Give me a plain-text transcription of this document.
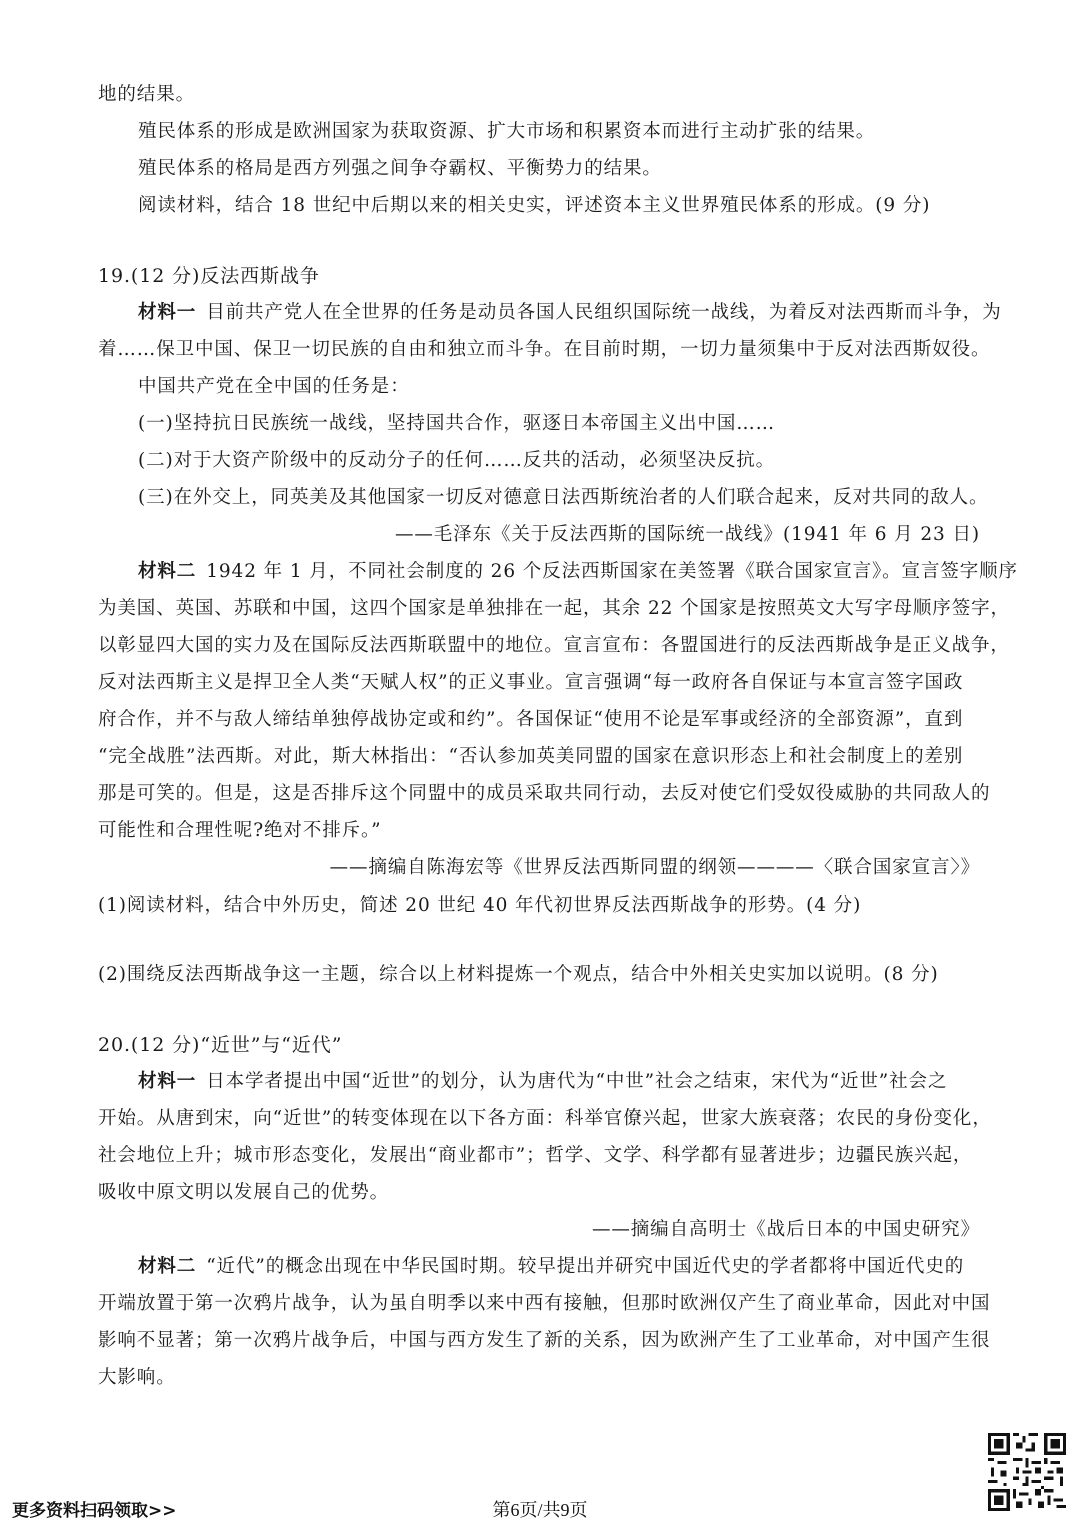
地的结果。
殖民体系的形成是欧洲国家为获取资源、扩大市场和积累资本而进行主动扩张的结果。
殖民体系的格局是西方列强之间争夺霸权、平衡势力的结果。
阅读材料，结合 18 世纪中后期以来的相关史实，评述资本主义世界殖民体系的形成。(9 分)
19.(12 分)反法西斯战争
材料一 目前共产党人在全世界的任务是动员各国人民组织国际统一战线，为着反对法西斯而斗争，为
着……保卫中国、保卫一切民族的自由和独立而斗争。在目前时期，一切力量须集中于反对法西斯奴役。
中国共产党在全中国的任务是：
(一)坚持抗日民族统一战线，坚持国共合作，驱逐日本帝国主义出中国……
(二)对于大资产阶级中的反动分子的任何……反共的活动，必须坚决反抗。
(三)在外交上，同英美及其他国家一切反对德意日法西斯统治者的人们联合起来，反对共同的敌人。
——毛泽东《关于反法西斯的国际统一战线》(1941 年 6 月 23 日)
材料二 1942 年 1 月，不同社会制度的 26 个反法西斯国家在美签署《联合国家宣言》。宣言签字顺序
为美国、英国、苏联和中国，这四个国家是单独排在一起，其余 22 个国家是按照英文大写字母顺序签字，
以彰显四大国的实力及在国际反法西斯联盟中的地位。宣言宣布：各盟国进行的反法西斯战争是正义战争，
反对法西斯主义是捍卫全人类“天赋人权”的正义事业。宣言强调“每一政府各自保证与本宣言签字国政
府合作，并不与敌人缔结单独停战协定或和约”。各国保证“使用不论是军事或经济的全部资源”，直到
“完全战胜”法西斯。对此，斯大林指出：“否认参加英美同盟的国家在意识形态上和社会制度上的差别
那是可笑的。但是，这是否排斥这个同盟中的成员采取共同行动，去反对使它们受奴役威胁的共同敌人的
可能性和合理性呢?绝对不排斥。”
——摘编自陈海宏等《世界反法西斯同盟的纲领————〈联合国家宣言〉》
(1)阅读材料，结合中外历史，简述 20 世纪 40 年代初世界反法西斯战争的形势。(4 分)
(2)围绕反法西斯战争这一主题，综合以上材料提炼一个观点，结合中外相关史实加以说明。(8 分)
20.(12 分)“近世”与“近代”
材料一 日本学者提出中国“近世”的划分，认为唐代为“中世”社会之结束，宋代为“近世”社会之
开始。从唐到宋，向“近世”的转变体现在以下各方面：科举官僚兴起，世家大族衰落；农民的身份变化，
社会地位上升；城市形态变化，发展出“商业都市”；哲学、文学、科学都有显著进步；边疆民族兴起，
吸收中原文明以发展自己的优势。
——摘编自高明士《战后日本的中国史研究》
材料二 “近代”的概念出现在中华民国时期。较早提出并研究中国近代史的学者都将中国近代史的
开端放置于第一次鸦片战争，认为虽自明季以来中西有接触，但那时欧洲仅产生了商业革命，因此对中国
影响不显著；第一次鸦片战争后，中国与西方发生了新的关系，因为欧洲产生了工业革命，对中国产生很
大影响。
更多资料扫码领取>>	第6页/共9页
